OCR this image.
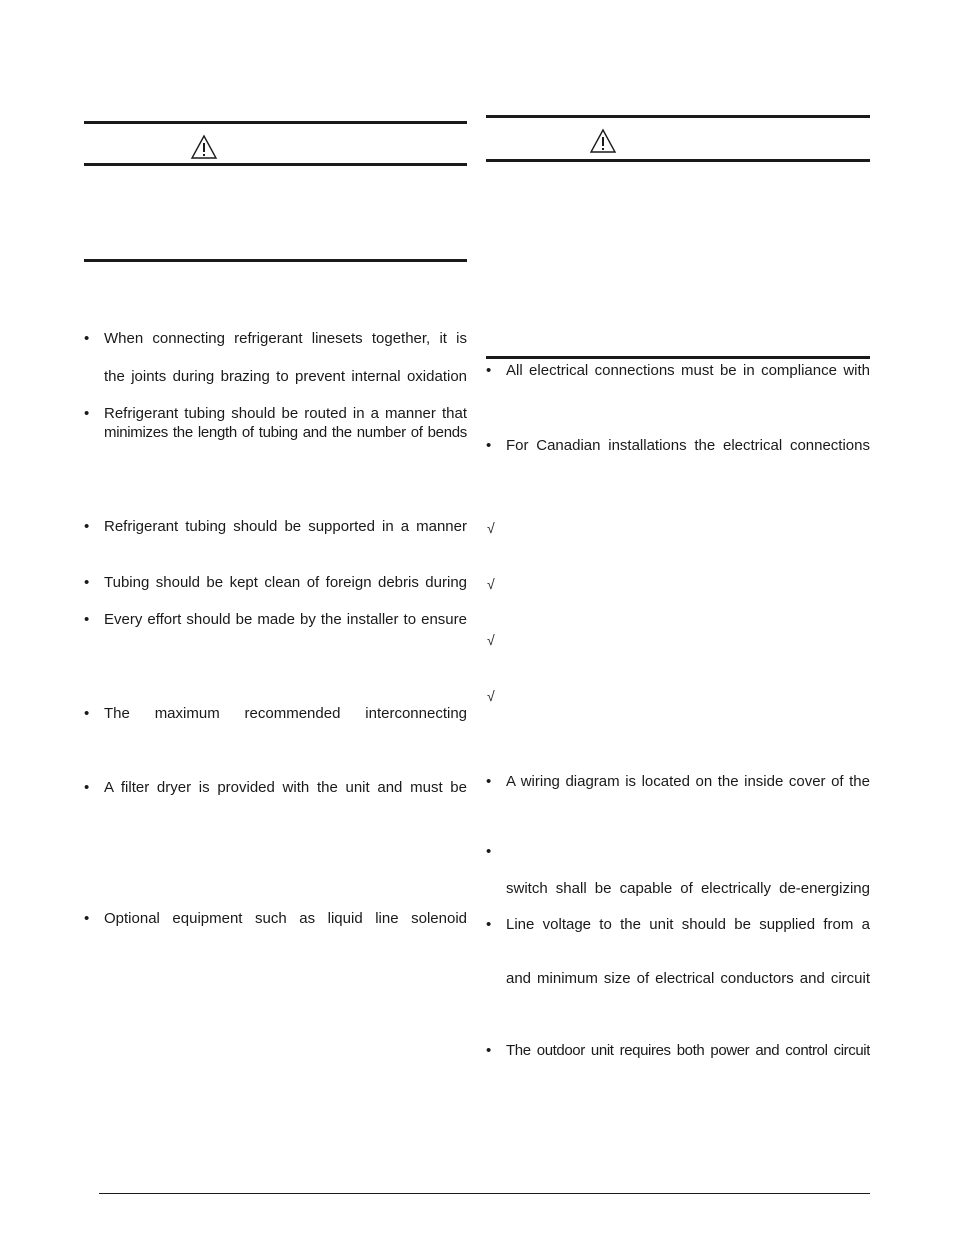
• When connecting refrigerant linesets together, it is
the joints during brazing to prevent internal oxidation
• Refrigerant tubing should be routed in a manner that
minimizes the length of tubing and the number of bends
• Refrigerant tubing should be supported in a manner
• Tubing should be kept clean of foreign debris during
• Every effort should be made by the installer to ensure
• The maximum recommended interconnecting
• A filter dryer is provided with the unit and must be
• Optional equipment such as liquid line solenoid
• All electrical connections must be in compliance with
• For Canadian installations the electrical connections
√
√
√
√
• A wiring diagram is located on the inside cover of the
•
switch shall be capable of electrically de-energizing
• Line voltage to the unit should be supplied from a
and minimum size of electrical conductors and circuit
• The outdoor unit requires both power and control circuit
